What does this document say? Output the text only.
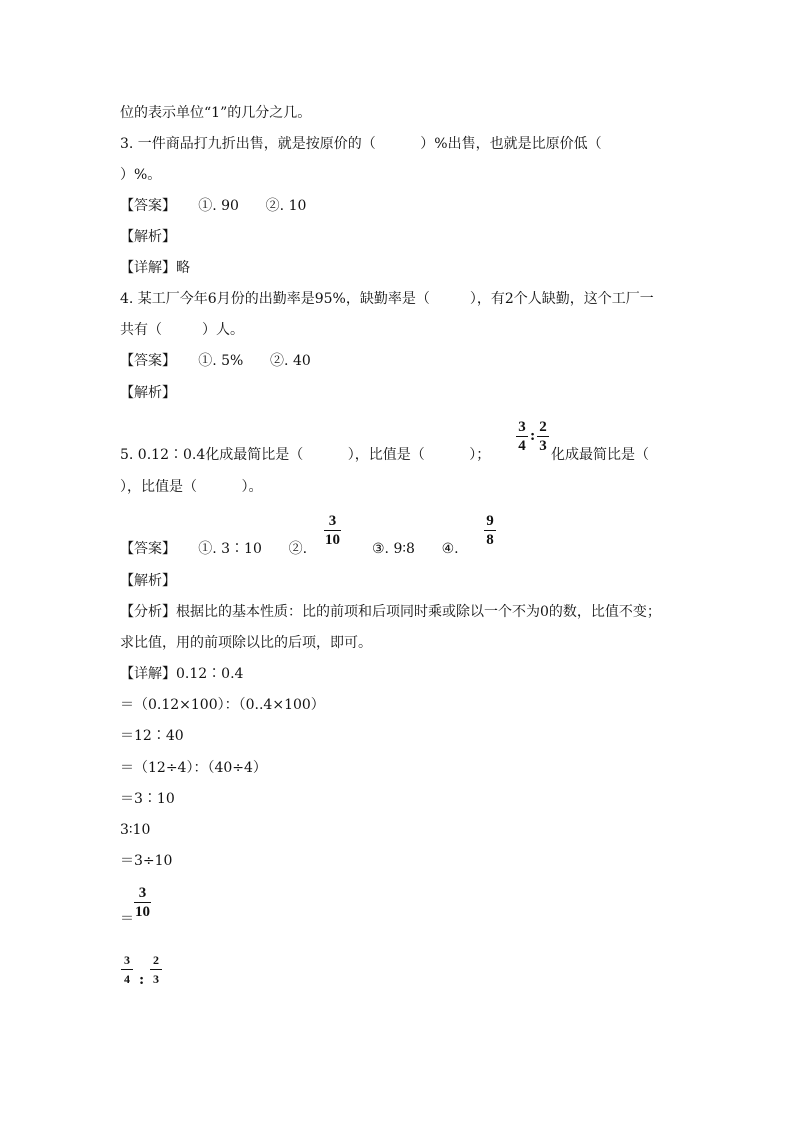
位的表示单位“1”的几分之几。
3. 一件商品打九折出售，就是按原价的（          ）%出售，也就是比原价低（
）%。
【答案】     ①. 90      ②. 10
【解析】
【详解】略
4. 某工厂今年6月份的出勤率是95%，缺勤率是（         ），有2个人缺勤，这个工厂一
共有（         ）人。
【答案】     ①. 5%      ②. 40
【解析】
5. 0.12∶0.4化成最简比是（          ），比值是（          ）；
3
4
:
2
3
化成最简比是（
），比值是（          ）。
【答案】     ①. 3∶10      ②.
3
10
③. 9∶8      ④.
9
8
【解析】
【分析】根据比的基本性质：比的前项和后项同时乘或除以一个不为0的数，比值不变；
求比值，用的前项除以比的后项，即可。
【详解】0.12∶0.4
＝（0.12×100）：（0..4×100）
＝12∶40
＝（12÷4）：（40÷4）
＝3∶10
3∶10
＝3÷10
＝
3
10
3
4 :
2
3
